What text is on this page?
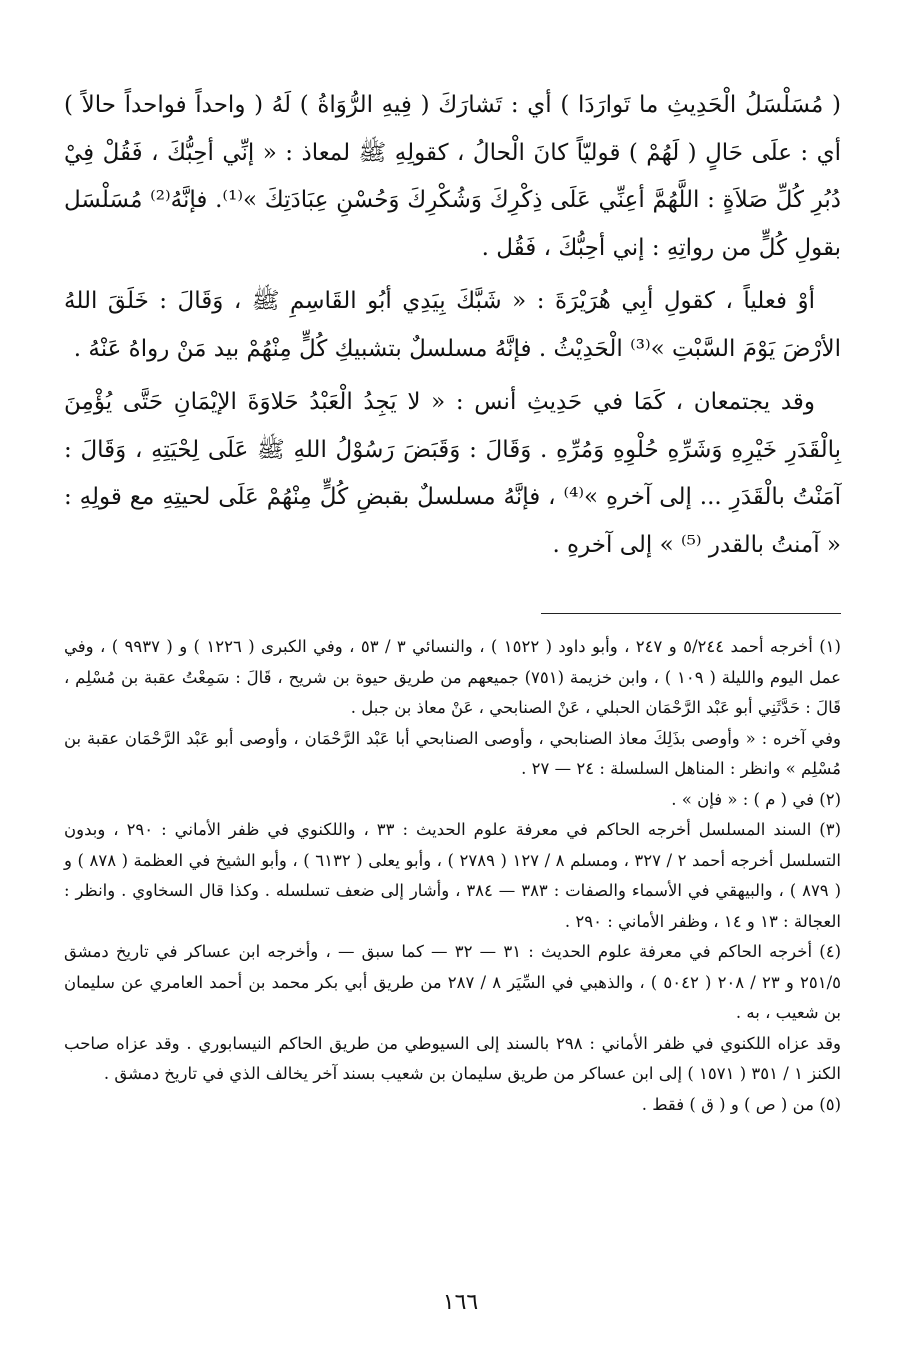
( مُسَلْسَلُ الْحَدِيثِ ما تَوارَدَا ) أي : تَشارَكَ ( فِيهِ الرُّوَاةُ ) لَهُ ( واحداً فواحداً حالاً ) أي : علَى حَالٍ ( لَهُمْ ) قوليّاً كانَ الْحالُ ، كقولِهِ ﷺ لمعاذ : « إنِّي أحِبُّكَ ، فَقُلْ فِيْ دُبُرِ كُلِّ صَلاَةٍ : اللَّهُمَّ أعِنِّي عَلَى ذِكْرِكَ وَشُكْرِكَ وَحُسْنِ عِبَادَتِكَ »⁽¹⁾. فإنَّهُ⁽²⁾ مُسَلْسَل بقولِ كُلٍّ من رواتِهِ : إني أحِبُّكَ ، فَقُل .

أوْ فعلياً ، كقولِ أبِي هُرَيْرَةَ : « شَبَّكَ بِيَدِي أبُو القَاسِمِ ﷺ ، وَقَالَ : خَلَقَ اللهُ الأرْضَ يَوْمَ السَّبْتِ »⁽³⁾ الْحَدِيْثُ . فإنَّهُ مسلسلٌ بتشبيكِ كُلٍّ مِنْهُمْ بيد مَنْ رواهُ عَنْهُ .

وقد يجتمعان ، كَمَا في حَدِيثِ أنس : « لا يَجِدُ الْعَبْدُ حَلاوَةَ الإيْمَانِ حَتَّى يُؤْمِنَ بِالْقَدَرِ خَيْرِهِ وَشَرِّهِ حُلْوِهِ وَمُرِّهِ . وَقَالَ : وَقَبَضَ رَسُوْلُ اللهِ ﷺ عَلَى لِحْيَتِهِ ، وَقَالَ : آمَنْتُ بالْقَدَرِ ... إلى آخرهِ »⁽⁴⁾ ، فإنَّهُ مسلسلٌ بقبضِ كُلٍّ مِنْهُمْ عَلَى لحيتِهِ مع قولِهِ : « آمنتُ بالقدر ⁽⁵⁾ » إلى آخرهِ .

(١) أخرجه أحمد ٥/٢٤٤ و ٢٤٧ ، وأبو داود ( ١٥٢٢ ) ، والنسائي ٣ / ٥٣ ، وفي الكبرى ( ١٢٢٦ ) و ( ٩٩٣٧ ) ، وفي عمل اليوم والليلة ( ١٠٩ ) ، وابن خزيمة (٧٥١) جميعهم من طريق حيوة بن شريح ، قَالَ : سَمِعْتُ عقبة بن مُسْلِم ، قَالَ : حَدَّثَنِي أبو عَبْد الرَّحْمَان الحبلي ، عَنْ الصنابحي ، عَنْ معاذ بن جبل .

وفي آخره : « وأوصى بذَلِكَ معاذ الصنابحي ، وأوصى الصنابحي أبا عَبْد الرَّحْمَان ، وأوصى أبو عَبْد الرَّحْمَان عقبة بن مُسْلِم » وانظر : المناهل السلسلة : ٢٤ — ٢٧ .

(٢) في ( م ) : « فإن » .

(٣) السند المسلسل أخرجه الحاكم في معرفة علوم الحديث : ٣٣ ، واللكنوي في ظفر الأماني : ٢٩٠ ، وبدون التسلسل أخرجه أحمد ٢ / ٣٢٧ ، ومسلم ٨ / ١٢٧ ( ٢٧٨٩ ) ، وأبو يعلى ( ٦١٣٢ ) ، وأبو الشيخ في العظمة ( ٨٧٨ ) و ( ٨٧٩ ) ، والبيهقي في الأسماء والصفات : ٣٨٣ — ٣٨٤ ، وأشار إلى ضعف تسلسله . وكذا قال السخاوي . وانظر : العجالة : ١٣ و ١٤ ، وظفر الأماني : ٢٩٠ .

(٤) أخرجه الحاكم في معرفة علوم الحديث : ٣١ — ٣٢ — كما سبق — ، وأخرجه ابن عساكر في تاريخ دمشق ٢٥١/٥ و ٢٣ / ٢٠٨ ( ٥٠٤٢ ) ، والذهبي في السِّيَر ٨ / ٢٨٧ من طريق أبي بكر محمد بن أحمد العامري عن سليمان بن شعيب ، به .

وقد عزاه اللكنوي في ظفر الأماني : ٢٩٨ بالسند إلى السيوطي من طريق الحاكم النيسابوري . وقد عزاه صاحب الكنز ١ / ٣٥١ ( ١٥٧١ ) إلى ابن عساكر من طريق سليمان بن شعيب بسند آخر يخالف الذي في تاريخ دمشق .

(٥) من ( ص ) و ( ق ) فقط .

١٦٦
